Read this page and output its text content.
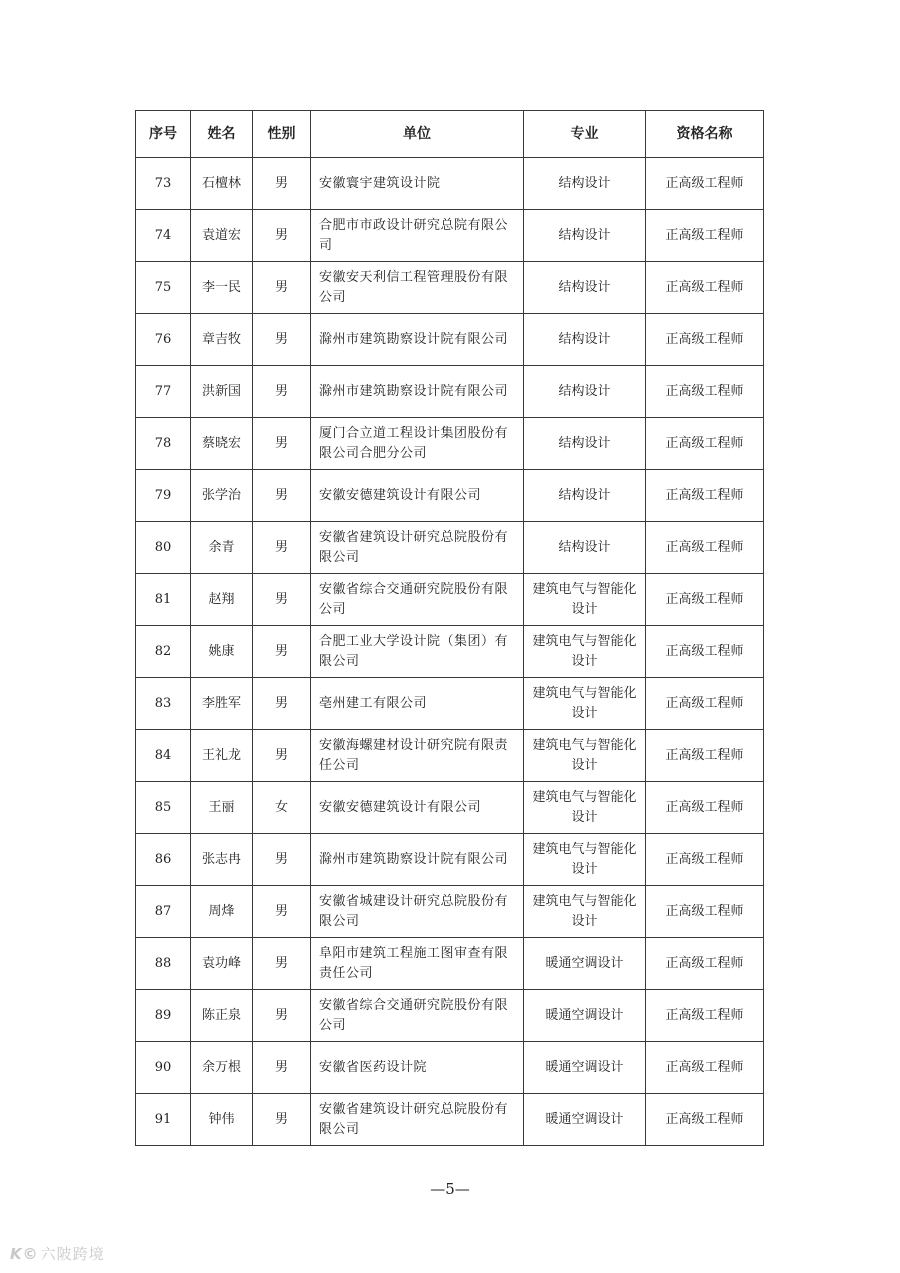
序号	姓名	性别	单位	专业	资格名称
73	石檀林	男	安徽寰宇建筑设计院	结构设计	正高级工程师
74	袁道宏	男	合肥市市政设计研究总院有限公司	结构设计	正高级工程师
75	李一民	男	安徽安天利信工程管理股份有限公司	结构设计	正高级工程师
76	章吉牧	男	滁州市建筑勘察设计院有限公司	结构设计	正高级工程师
77	洪新国	男	滁州市建筑勘察设计院有限公司	结构设计	正高级工程师
78	蔡晓宏	男	厦门合立道工程设计集团股份有限公司合肥分公司	结构设计	正高级工程师
79	张学治	男	安徽安德建筑设计有限公司	结构设计	正高级工程师
80	余青	男	安徽省建筑设计研究总院股份有限公司	结构设计	正高级工程师
81	赵翔	男	安徽省综合交通研究院股份有限公司	建筑电气与智能化设计	正高级工程师
82	姚康	男	合肥工业大学设计院（集团）有限公司	建筑电气与智能化设计	正高级工程师
83	李胜军	男	亳州建工有限公司	建筑电气与智能化设计	正高级工程师
84	王礼龙	男	安徽海螺建材设计研究院有限责任公司	建筑电气与智能化设计	正高级工程师
85	王丽	女	安徽安德建筑设计有限公司	建筑电气与智能化设计	正高级工程师
86	张志冉	男	滁州市建筑勘察设计院有限公司	建筑电气与智能化设计	正高级工程师
87	周烽	男	安徽省城建设计研究总院股份有限公司	建筑电气与智能化设计	正高级工程师
88	袁功峰	男	阜阳市建筑工程施工图审查有限责任公司	暖通空调设计	正高级工程师
89	陈正泉	男	安徽省综合交通研究院股份有限公司	暖通空调设计	正高级工程师
90	余万根	男	安徽省医药设计院	暖通空调设计	正高级工程师
91	钟伟	男	安徽省建筑设计研究总院股份有限公司	暖通空调设计	正高级工程师
—5—
K© 六陂跨境
